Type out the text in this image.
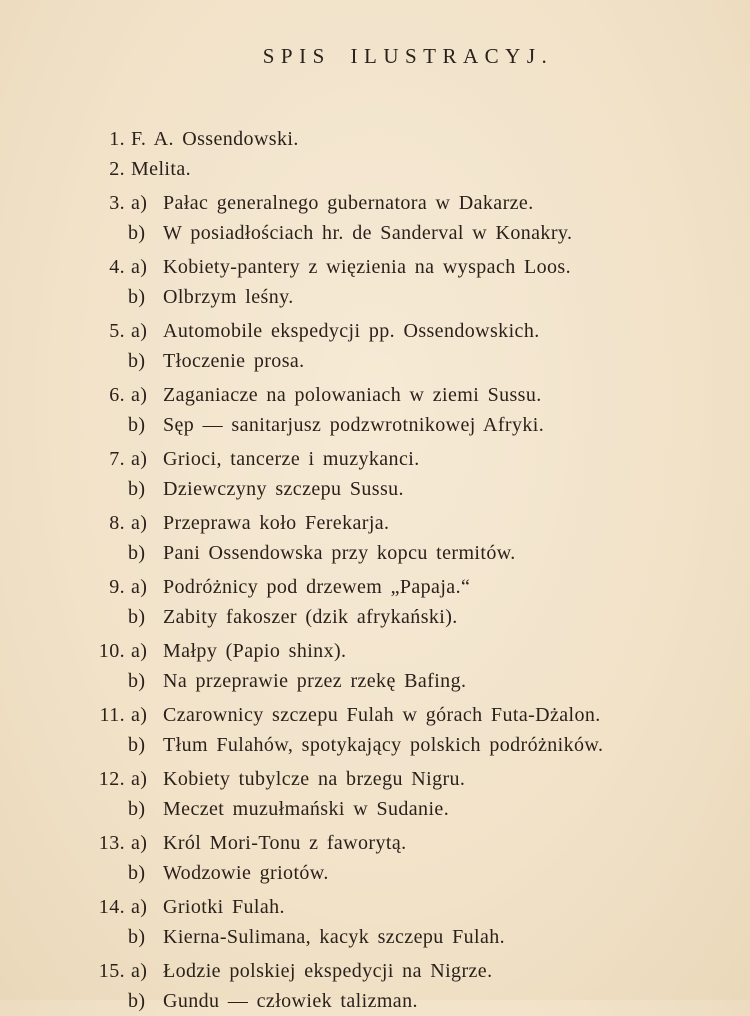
SPIS ILUSTRACYJ.
1. F. A. Ossendowski.
2. Melita.
3. a) Pałac generalnego gubernatora w Dakarze.
b) W posiadłościach hr. de Sanderval w Konakry.
4. a) Kobiety-pantery z więzienia na wyspach Loos.
b) Olbrzym leśny.
5. a) Automobile ekspedycji pp. Ossendowskich.
b) Tłoczenie prosa.
6. a) Zaganiacze na polowaniach w ziemi Sussu.
b) Sęp — sanitarjusz podzwrotnikowej Afryki.
7. a) Grioci, tancerze i muzykanci.
b) Dziewczyny szczepu Sussu.
8. a) Przeprawa koło Ferekarja.
b) Pani Ossendowska przy kopcu termitów.
9. a) Podróżnicy pod drzewem „Papaja.“
b) Zabity fakoszer (dzik afrykański).
10. a) Małpy (Papio shinx).
b) Na przeprawie przez rzekę Bafing.
11. a) Czarownicy szczepu Fulah w górach Futa-Dżalon.
b) Tłum Fulahów, spotykający polskich podróżników.
12. a) Kobiety tubylcze na brzegu Nigru.
b) Meczet muzułmański w Sudanie.
13. a) Król Mori-Tonu z faworytą.
b) Wodzowie griotów.
14. a) Griotki Fulah.
b) Kierna-Sulimana, kacyk szczepu Fulah.
15. a) Łodzie polskiej ekspedycji na Nigrze.
b) Gundu — człowiek talizman.
